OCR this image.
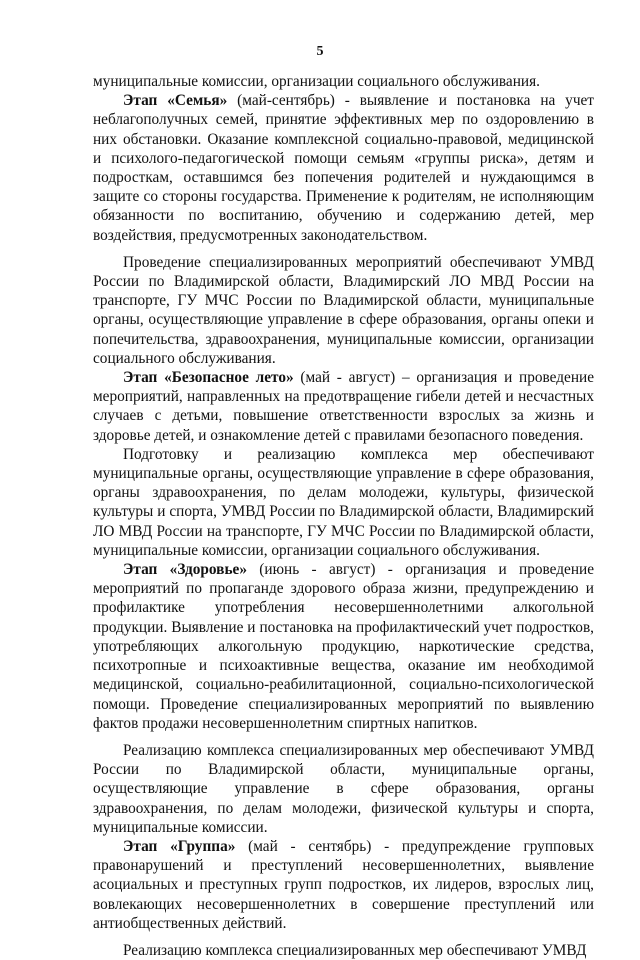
5

муниципальные комиссии, организации социального обслуживания.

Этап «Семья» (май-сентябрь) - выявление и постановка на учет неблагополучных семей, принятие эффективных мер по оздоровлению в них обстановки. Оказание комплексной социально-правовой, медицинской и психолого-педагогической помощи семьям «группы риска», детям и подросткам, оставшимся без попечения родителей и нуждающимся в защите со стороны государства. Применение к родителям, не исполняющим обязанности по воспитанию, обучению и содержанию детей, мер воздействия, предусмотренных законодательством.

Проведение специализированных мероприятий обеспечивают УМВД России по Владимирской области, Владимирский ЛО МВД России на транспорте, ГУ МЧС России по Владимирской области, муниципальные органы, осуществляющие управление в сфере образования, органы опеки и попечительства, здравоохранения, муниципальные комиссии, организации социального обслуживания.

Этап «Безопасное лето» (май - август) – организация и проведение мероприятий, направленных на предотвращение гибели детей и несчастных случаев с детьми, повышение ответственности взрослых за жизнь и здоровье детей, и ознакомление детей с правилами безопасного поведения.

Подготовку и реализацию комплекса мер обеспечивают муниципальные органы, осуществляющие управление в сфере образования, органы здравоохранения, по делам молодежи, культуры, физической культуры и спорта, УМВД России по Владимирской области, Владимирский ЛО МВД России на транспорте, ГУ МЧС России по Владимирской области, муниципальные комиссии, организации социального обслуживания.

Этап «Здоровье» (июнь - август) - организация и проведение мероприятий по пропаганде здорового образа жизни, предупреждению и профилактике употребления несовершеннолетними алкогольной продукции. Выявление и постановка на профилактический учет подростков, употребляющих алкогольную продукцию, наркотические средства, психотропные и психоактивные вещества, оказание им необходимой медицинской, социально-реабилитационной, социально-психологической помощи. Проведение специализированных мероприятий по выявлению фактов продажи несовершеннолетним спиртных напитков.

Реализацию комплекса специализированных мер обеспечивают УМВД России по Владимирской области, муниципальные органы, осуществляющие управление в сфере образования, органы здравоохранения, по делам молодежи, физической культуры и спорта, муниципальные комиссии.

Этап «Группа» (май - сентябрь) - предупреждение групповых правонарушений и преступлений несовершеннолетних, выявление асоциальных и преступных групп подростков, их лидеров, взрослых лиц, вовлекающих несовершеннолетних в совершение преступлений или антиобщественных действий.

Реализацию комплекса специализированных мер обеспечивают УМВД
